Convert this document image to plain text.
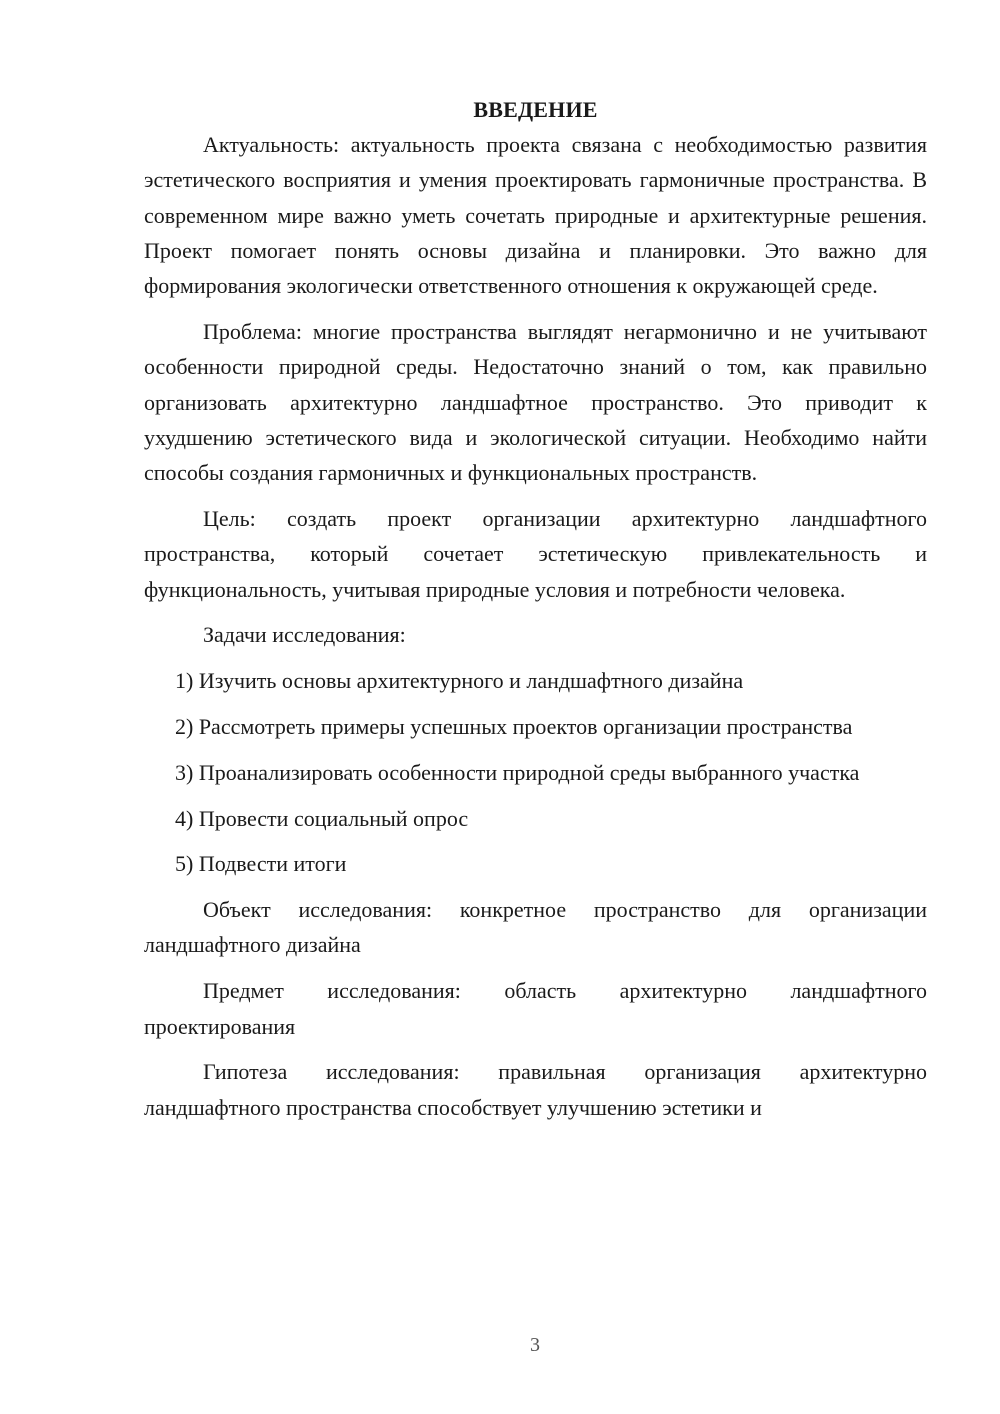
ВВЕДЕНИЕ

Актуальность: актуальность проекта связана с необходимостью развития эстетического восприятия и умения проектировать гармоничные пространства. В современном мире важно уметь сочетать природные и архитектурные решения. Проект помогает понять основы дизайна и планировки. Это важно для формирования экологически ответственного отношения к окружающей среде.

Проблема: многие пространства выглядят негармонично и не учитывают особенности природной среды. Недостаточно знаний о том, как правильно организовать архитектурно ландшафтное пространство. Это приводит к ухудшению эстетического вида и экологической ситуации. Необходимо найти способы создания гармоничных и функциональных пространств.

Цель: создать проект организации архитектурно ландшафтного пространства, который сочетает эстетическую привлекательность и функциональность, учитывая природные условия и потребности человека.

Задачи исследования:

1) Изучить основы архитектурного и ландшафтного дизайна

2) Рассмотреть примеры успешных проектов организации пространства

3) Проанализировать особенности природной среды выбранного участка

4) Провести социальный опрос

5) Подвести итоги

Объект исследования: конкретное пространство для организации ландшафтного дизайна

Предмет исследования: область архитектурно ландшафтного проектирования

Гипотеза исследования: правильная организация архитектурно ландшафтного пространства способствует улучшению эстетики и

3
